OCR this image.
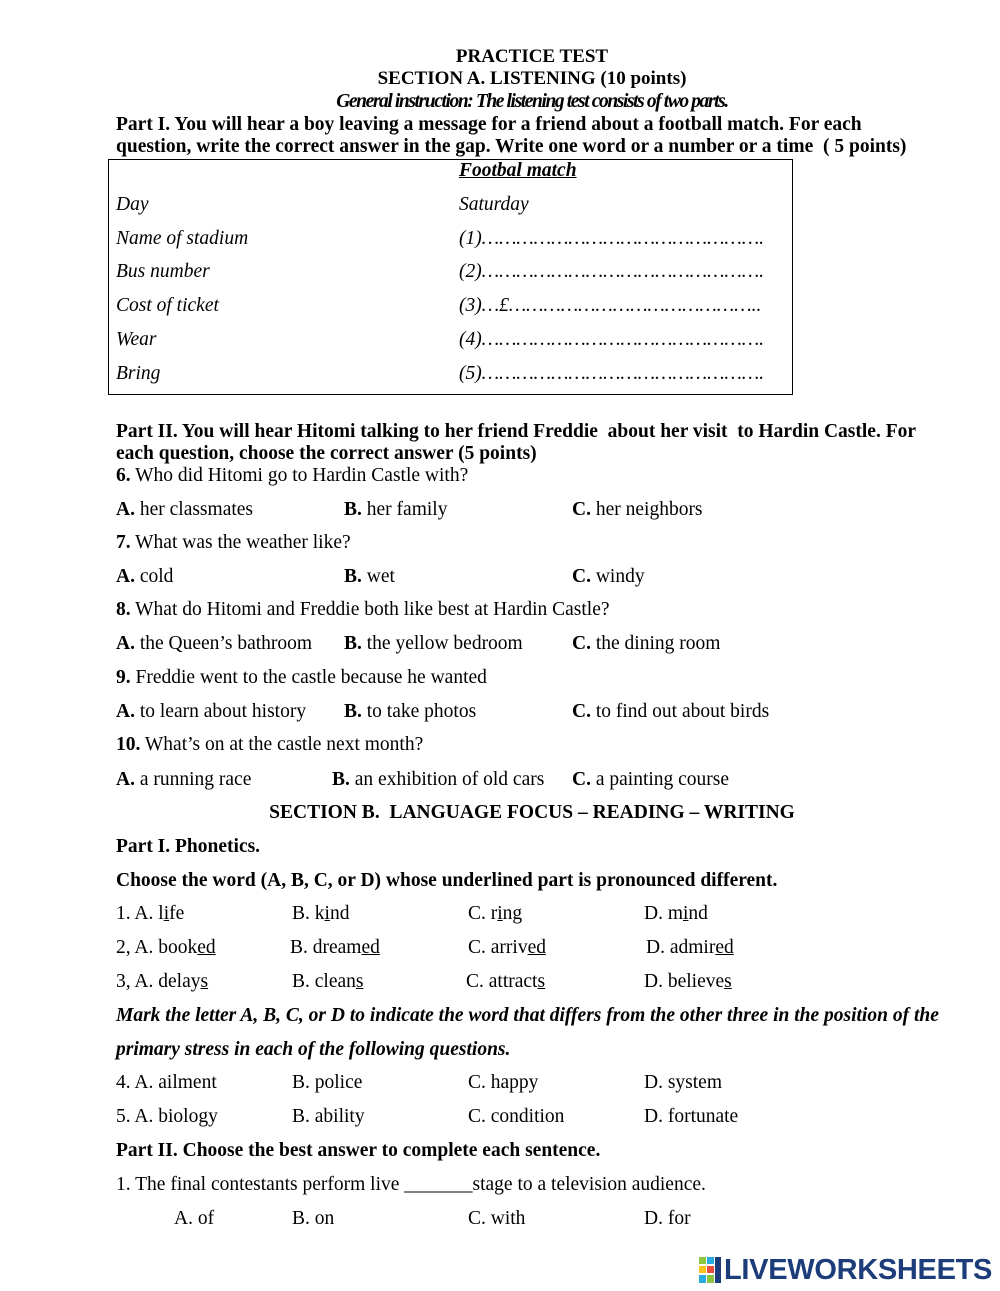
PRACTICE TEST
SECTION A. LISTENING (10 points)
General instruction: The listening test consists of two parts.
Part I. You will hear a boy leaving a message for a friend about a football match. For each
question, write the correct answer in the gap. Write one word or a number or a time  ( 5 points)
Footbal match
Day	Saturday
Name of stadium	(1)………………………………………….
Bus number	(2)………………………………………….
Cost of ticket	(3)…£……………………………………..
Wear	(4)………………………………………….
Bring	(5)………………………………………….
Part II. You will hear Hitomi talking to her friend Freddie  about her visit  to Hardin Castle. For
each question, choose the correct answer (5 points)
6. Who did Hitomi go to Hardin Castle with?
A. her classmates	B. her family	C. her neighbors
7. What was the weather like?
A. cold	B. wet	C. windy
8. What do Hitomi and Freddie both like best at Hardin Castle?
A. the Queen’s bathroom B. the yellow bedroom	C. the dining room
9. Freddie went to the castle because he wanted
A. to learn about history B. to take photos	C. to find out about birds
10. What’s on at the castle next month?
A. a running race	B. an exhibition of old cars C. a painting course
SECTION B.  LANGUAGE FOCUS – READING – WRITING
Part I. Phonetics.
Choose the word (A, B, C, or D) whose underlined part is pronounced different.
1. A. life	B. kind	C. ring	D. mind
2, A. booked	B. dreamed	C. arrived	D. admired
3, A. delays	B. cleans	C. attracts	D. believes
Mark the letter A, B, C, or D to indicate the word that differs from the other three in the position of the
primary stress in each of the following questions.
4. A. ailment	B. police	C. happy	D. system
5. A. biology	B. ability	C. condition	D. fortunate
Part II. Choose the best answer to complete each sentence.
1. The final contestants perform live _______stage to a television audience.
A. of	B. on	C. with	D. for
LIVEWORKSHEETS
